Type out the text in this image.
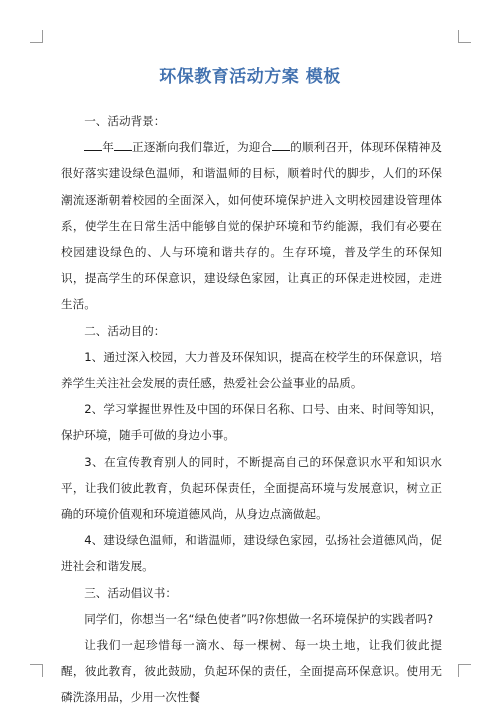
环保教育活动方案 模板

一、活动背景：

年 正逐渐向我们靠近，为迎合 的顺利召开，体现环保精神及很好落实建设绿色温师，和谐温师的目标，顺着时代的脚步，人们的环保潮流逐渐朝着校园的全面深入，如何使环境保护进入文明校园建设管理体系，使学生在日常生活中能够自觉的保护环境和节约能源，我们有必要在校园建设绿色的、人与环境和谐共存的。生存环境，普及学生的环保知识，提高学生的环保意识，建设绿色家园，让真正的环保走进校园，走进生活。

二、活动目的：

1、通过深入校园，大力普及环保知识，提高在校学生的环保意识，培养学生关注社会发展的责任感，热爱社会公益事业的品质。

2、学习掌握世界性及中国的环保日名称、口号、由来、时间等知识，保护环境，随手可做的身边小事。

3、在宣传教育别人的同时，不断提高自己的环保意识水平和知识水平，让我们彼此教育，负起环保责任，全面提高环境与发展意识，树立正确的环境价值观和环境道德风尚，从身边点滴做起。

4、建设绿色温师，和谐温师，建设绿色家园，弘扬社会道德风尚，促进社会和谐发展。

三、活动倡议书：

同学们，你想当一名“绿色使者”吗?你想做一名环境保护的实践者吗?

让我们一起珍惜每一滴水、每一棵树、每一块土地，让我们彼此提醒，彼此教育，彼此鼓励，负起环保的责任，全面提高环保意识。使用无磷洗涤用品，少用一次性餐
